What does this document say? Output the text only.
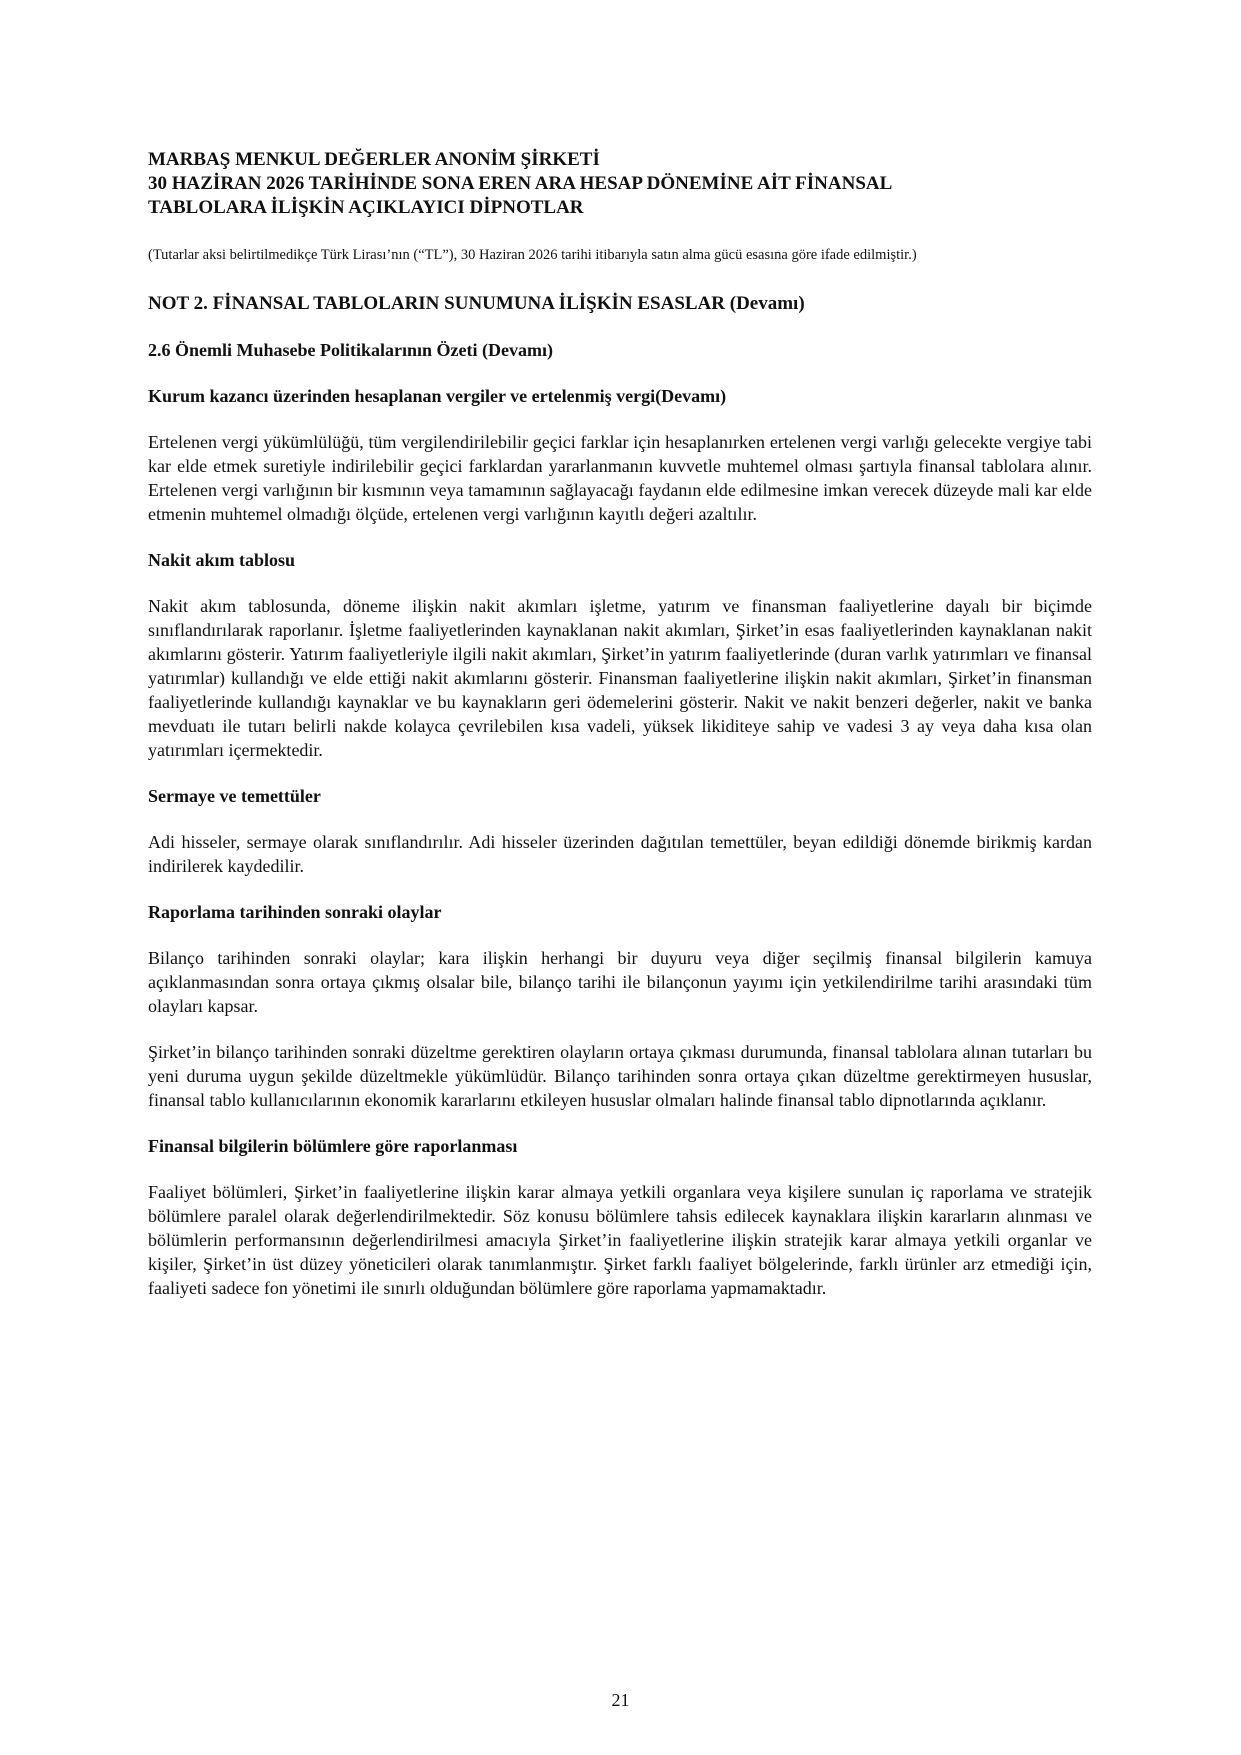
MARBAŞ MENKUL DEĞERLER ANONİM ŞİRKETİ
30 HAZİRAN 2026 TARİHİNDE SONA EREN ARA HESAP DÖNEMİNE AİT FİNANSAL
TABLOLARA İLİŞKİN AÇIKLAYICI DİPNOTLAR
(Tutarlar aksi belirtilmedikçe Türk Lirası’nın (“TL”), 30 Haziran 2026 tarihi itibarıyla satın alma gücü esasına göre ifade edilmiştir.)
NOT 2. FİNANSAL TABLOLARIN SUNUMUNA İLİŞKİN ESASLAR (Devamı)
2.6 Önemli Muhasebe Politikalarının Özeti (Devamı)
Kurum kazancı üzerinden hesaplanan vergiler ve ertelenmiş vergi(Devamı)
Ertelenen vergi yükümlülüğü, tüm vergilendirilebilir geçici farklar için hesaplanırken ertelenen vergi varlığı gelecekte vergiye tabi kar elde etmek suretiyle indirilebilir geçici farklardan yararlanmanın kuvvetle muhtemel olması şartıyla finansal tablolara alınır. Ertelenen vergi varlığının bir kısmının veya tamamının sağlayacağı faydanın elde edilmesine imkan verecek düzeyde mali kar elde etmenin muhtemel olmadığı ölçüde, ertelenen vergi varlığının kayıtlı değeri azaltılır.
Nakit akım tablosu
Nakit akım tablosunda, döneme ilişkin nakit akımları işletme, yatırım ve finansman faaliyetlerine dayalı bir biçimde sınıflandırılarak raporlanır. İşletme faaliyetlerinden kaynaklanan nakit akımları, Şirket’in esas faaliyetlerinden kaynaklanan nakit akımlarını gösterir. Yatırım faaliyetleriyle ilgili nakit akımları, Şirket’in yatırım faaliyetlerinde (duran varlık yatırımları ve finansal yatırımlar) kullandığı ve elde ettiği nakit akımlarını gösterir. Finansman faaliyetlerine ilişkin nakit akımları, Şirket’in finansman faaliyetlerinde kullandığı kaynaklar ve bu kaynakların geri ödemelerini gösterir. Nakit ve nakit benzeri değerler, nakit ve banka mevduatı ile tutarı belirli nakde kolayca çevrilebilen kısa vadeli, yüksek likiditeye sahip ve vadesi 3 ay veya daha kısa olan yatırımları içermektedir.
Sermaye ve temettüler
Adi hisseler, sermaye olarak sınıflandırılır. Adi hisseler üzerinden dağıtılan temettüler, beyan edildiği dönemde birikmiş kardan indirilerek kaydedilir.
Raporlama tarihinden sonraki olaylar
Bilanço tarihinden sonraki olaylar; kara ilişkin herhangi bir duyuru veya diğer seçilmiş finansal bilgilerin kamuya açıklanmasından sonra ortaya çıkmış olsalar bile, bilanço tarihi ile bilançonun yayımı için yetkilendirilme tarihi arasındaki tüm olayları kapsar.
Şirket’in bilanço tarihinden sonraki düzeltme gerektiren olayların ortaya çıkması durumunda, finansal tablolara alınan tutarları bu yeni duruma uygun şekilde düzeltmekle yükümlüdür. Bilanço tarihinden sonra ortaya çıkan düzeltme gerektirmeyen hususlar, finansal tablo kullanıcılarının ekonomik kararlarını etkileyen hususlar olmaları halinde finansal tablo dipnotlarında açıklanır.
Finansal bilgilerin bölümlere göre raporlanması
Faaliyet bölümleri, Şirket’in faaliyetlerine ilişkin karar almaya yetkili organlara veya kişilere sunulan iç raporlama ve stratejik bölümlere paralel olarak değerlendirilmektedir. Söz konusu bölümlere tahsis edilecek kaynaklara ilişkin kararların alınması ve bölümlerin performansının değerlendirilmesi amacıyla Şirket’in faaliyetlerine ilişkin stratejik karar almaya yetkili organlar ve kişiler, Şirket’in üst düzey yöneticileri olarak tanımlanmıştır. Şirket farklı faaliyet bölgelerinde, farklı ürünler arz etmediği için, faaliyeti sadece fon yönetimi ile sınırlı olduğundan bölümlere göre raporlama yapmamaktadır.
21
